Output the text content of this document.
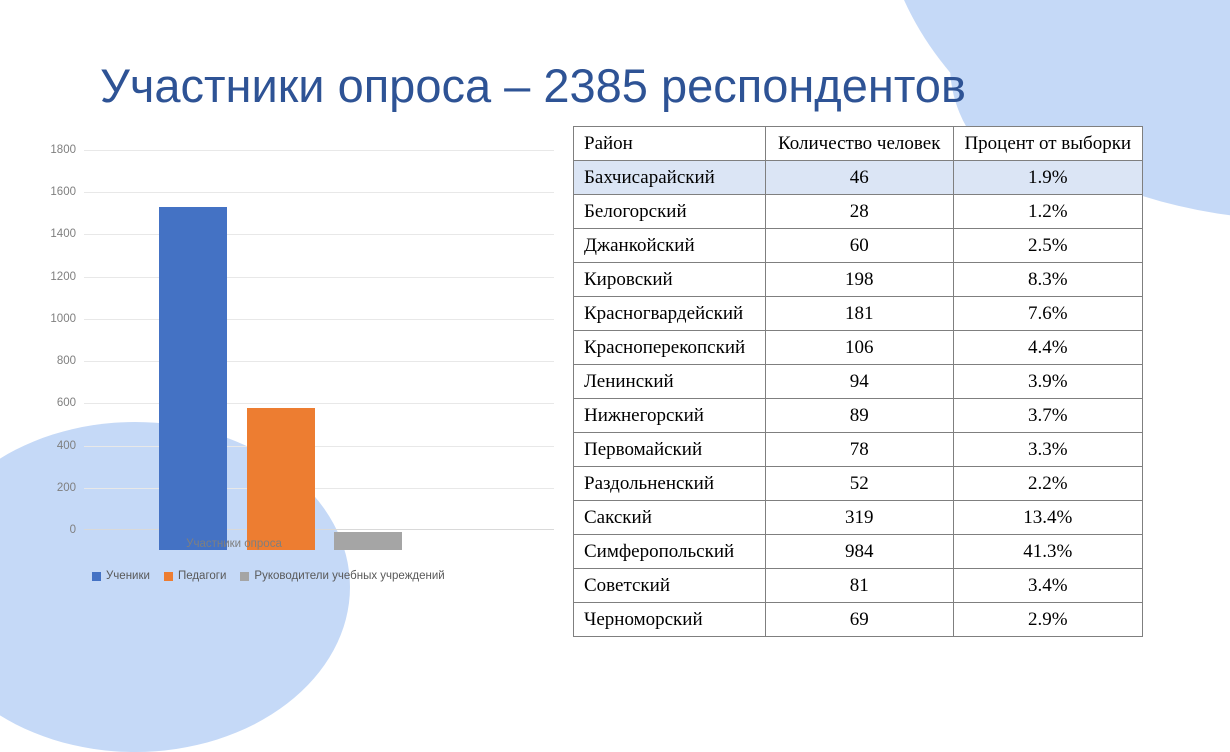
Участники опроса – 2385 респондентов
0
200
400
600
800
1000
1200
1400
1600
1800
Участники опроса
Ученики Педагоги Руководители учебных учреждений
Район	Количество человек	Процент от выборки
Бахчисарайский	46	1.9%
Белогорский	28	1.2%
Джанкойский	60	2.5%
Кировский	198	8.3%
Красногвардейский	181	7.6%
Красноперекопский	106	4.4%
Ленинский	94	3.9%
Нижнегорский	89	3.7%
Первомайский	78	3.3%
Раздольненский	52	2.2%
Сакский	319	13.4%
Симферопольский	984	41.3%
Советский	81	3.4%
Черноморский	69	2.9%
